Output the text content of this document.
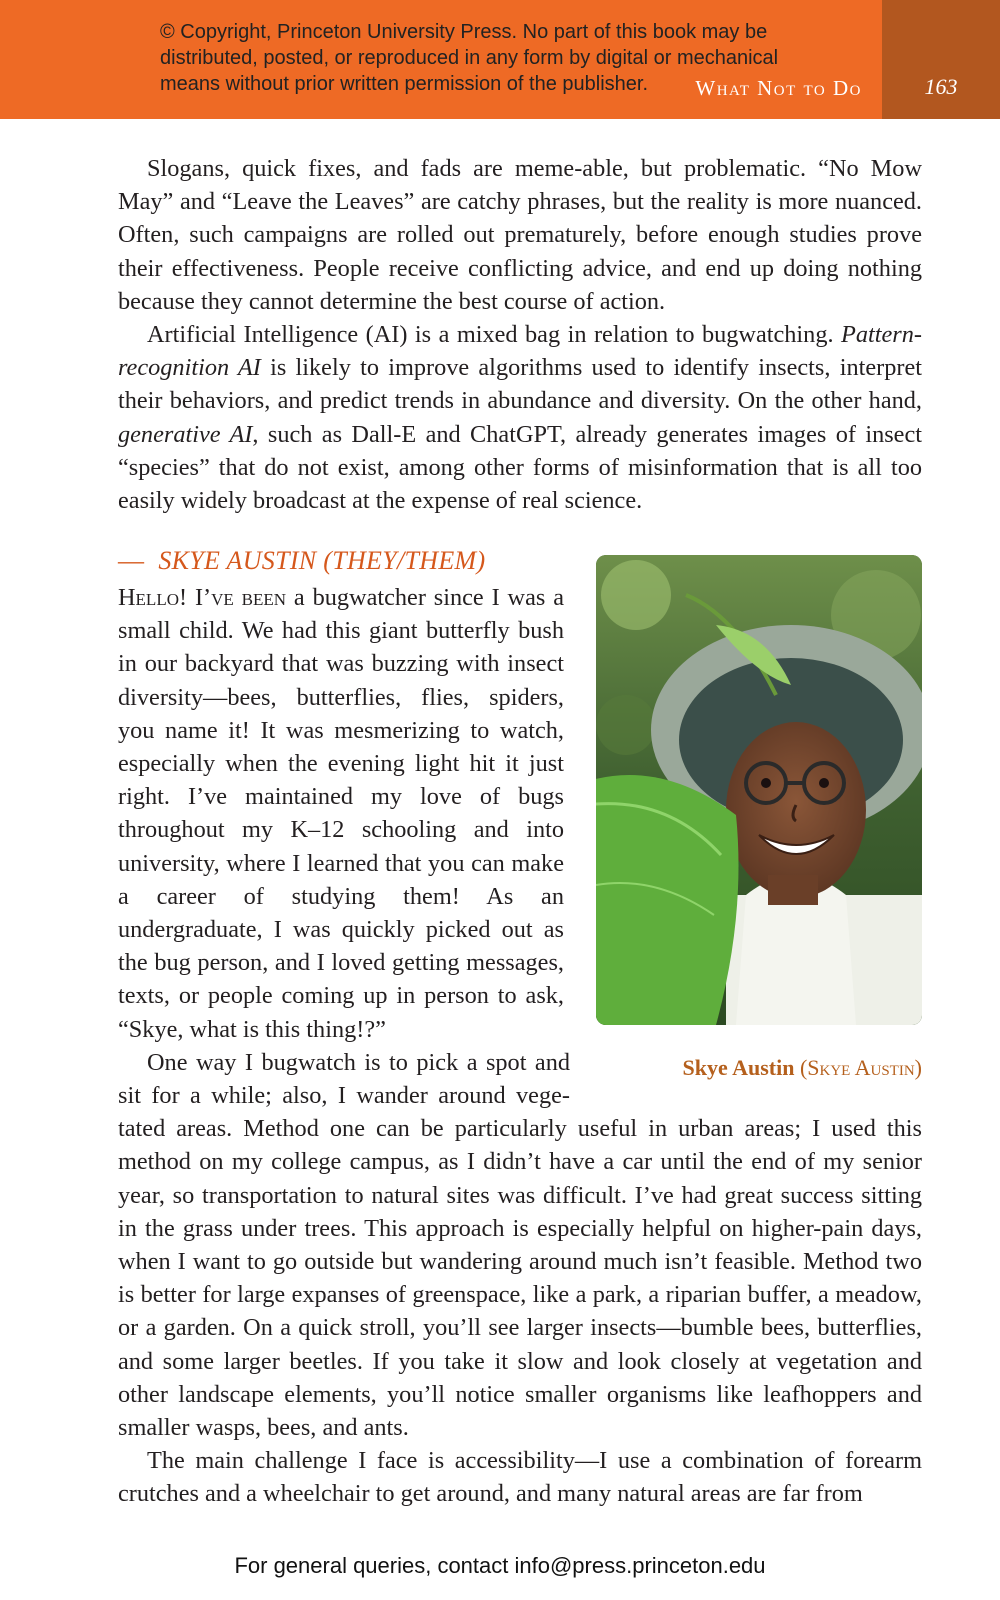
© Copyright, Princeton University Press. No part of this book may be
distributed, posted, or reproduced in any form by digital or mechanical
means without prior written permission of the publisher.	What Not to Do	163

Slogans, quick fixes, and fads are meme-able, but problematic. “No Mow May” and “Leave the Leaves” are catchy phrases, but the reality is more nuanced. Often, such campaigns are rolled out prematurely, before enough studies prove their effectiveness. People receive conflicting advice, and end up doing nothing because they cannot determine the best course of action.

Artificial Intelligence (AI) is a mixed bag in relation to bugwatching. Pattern-recognition AI is likely to improve algorithms used to identify insects, interpret their behaviors, and predict trends in abundance and diversity. On the other hand, generative AI, such as Dall-E and ChatGPT, already generates images of insect “species” that do not exist, among other forms of misinformation that is all too easily widely broadcast at the expense of real science.

— SKYE AUSTIN (THEY/THEM)

Hello! I’ve been a bugwatcher since I was a small child. We had this giant butterfly bush in our backyard that was buzzing with insect diversity—bees, butterflies, flies, spiders, you name it! It was mesmerizing to watch, especially when the evening light hit it just right. I’ve maintained my love of bugs throughout my K–12 schooling and into university, where I learned that you can make a career of studying them! As an undergraduate, I was quickly picked out as the bug person, and I loved getting messages, texts, or people coming up in person to ask, “Skye, what is this thing!?”

One way I bugwatch is to pick a spot and sit for a while; also, I wander around vegetated areas. Method one can be particularly useful in urban areas; I used this method on my college campus, as I didn’t have a car until the end of my senior year, so transportation to natural sites was difficult. I’ve had great success sitting in the grass under trees. This approach is especially helpful on higher-pain days, when I want to go outside but wandering around much isn’t feasible. Method two is better for large expanses of greenspace, like a park, a riparian buffer, a meadow, or a garden. On a quick stroll, you’ll see larger insects—bumble bees, butterflies, and some larger beetles. If you take it slow and look closely at vegetation and other landscape elements, you’ll notice smaller organisms like leafhoppers and smaller wasps, bees, and ants.

The main challenge I face is accessibility—I use a combination of forearm crutches and a wheelchair to get around, and many natural areas are far from

Skye Austin (Skye Austin)
For general queries, contact info@press.princeton.edu
